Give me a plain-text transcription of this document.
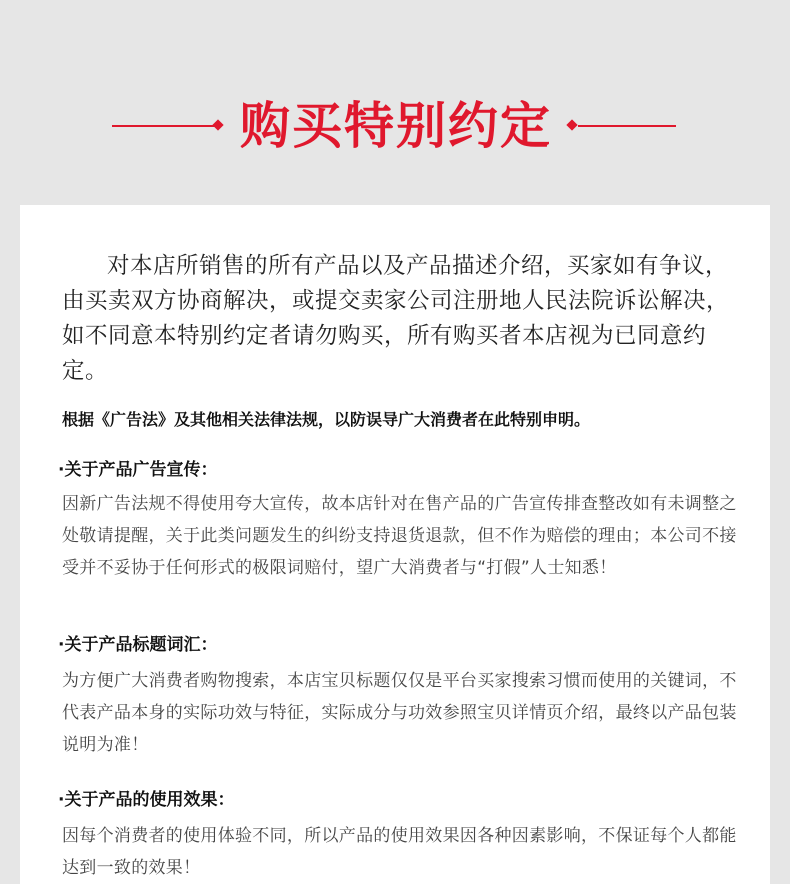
购买特别约定

对本店所销售的所有产品以及产品描述介绍，买家如有争议，由买卖双方协商解决，或提交卖家公司注册地人民法院诉讼解决，如不同意本特别约定者请勿购买，所有购买者本店视为已同意约定。

根据《广告法》及其他相关法律法规，以防误导广大消费者在此特别申明。

·关于产品广告宣传：

因新广告法规不得使用夸大宣传，故本店针对在售产品的广告宣传排查整改如有未调整之处敬请提醒，关于此类问题发生的纠纷支持退货退款，但不作为赔偿的理由；本公司不接受并不妥协于任何形式的极限词赔付，望广大消费者与“打假”人士知悉！

·关于产品标题词汇：

为方便广大消费者购物搜索，本店宝贝标题仅仅是平台买家搜索习惯而使用的关键词，不代表产品本身的实际功效与特征，实际成分与功效参照宝贝详情页介绍，最终以产品包装说明为准！

·关于产品的使用效果：

因每个消费者的使用体验不同，所以产品的使用效果因各种因素影响，不保证每个人都能达到一致的效果！
